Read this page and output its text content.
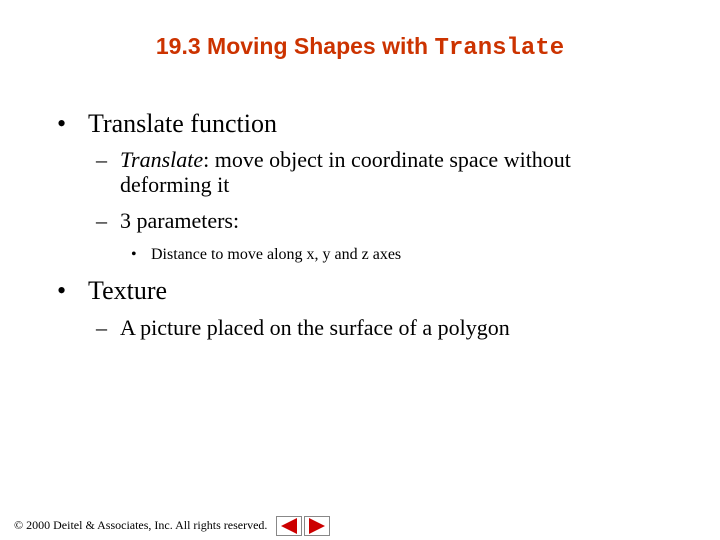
19.3 Moving Shapes with Translate
• Translate function
– Translate: move object in coordinate space without deforming it
– 3 parameters:
• Distance to move along x, y and z axes
• Texture
– A picture placed on the surface of a polygon
© 2000 Deitel & Associates, Inc. All rights reserved.
